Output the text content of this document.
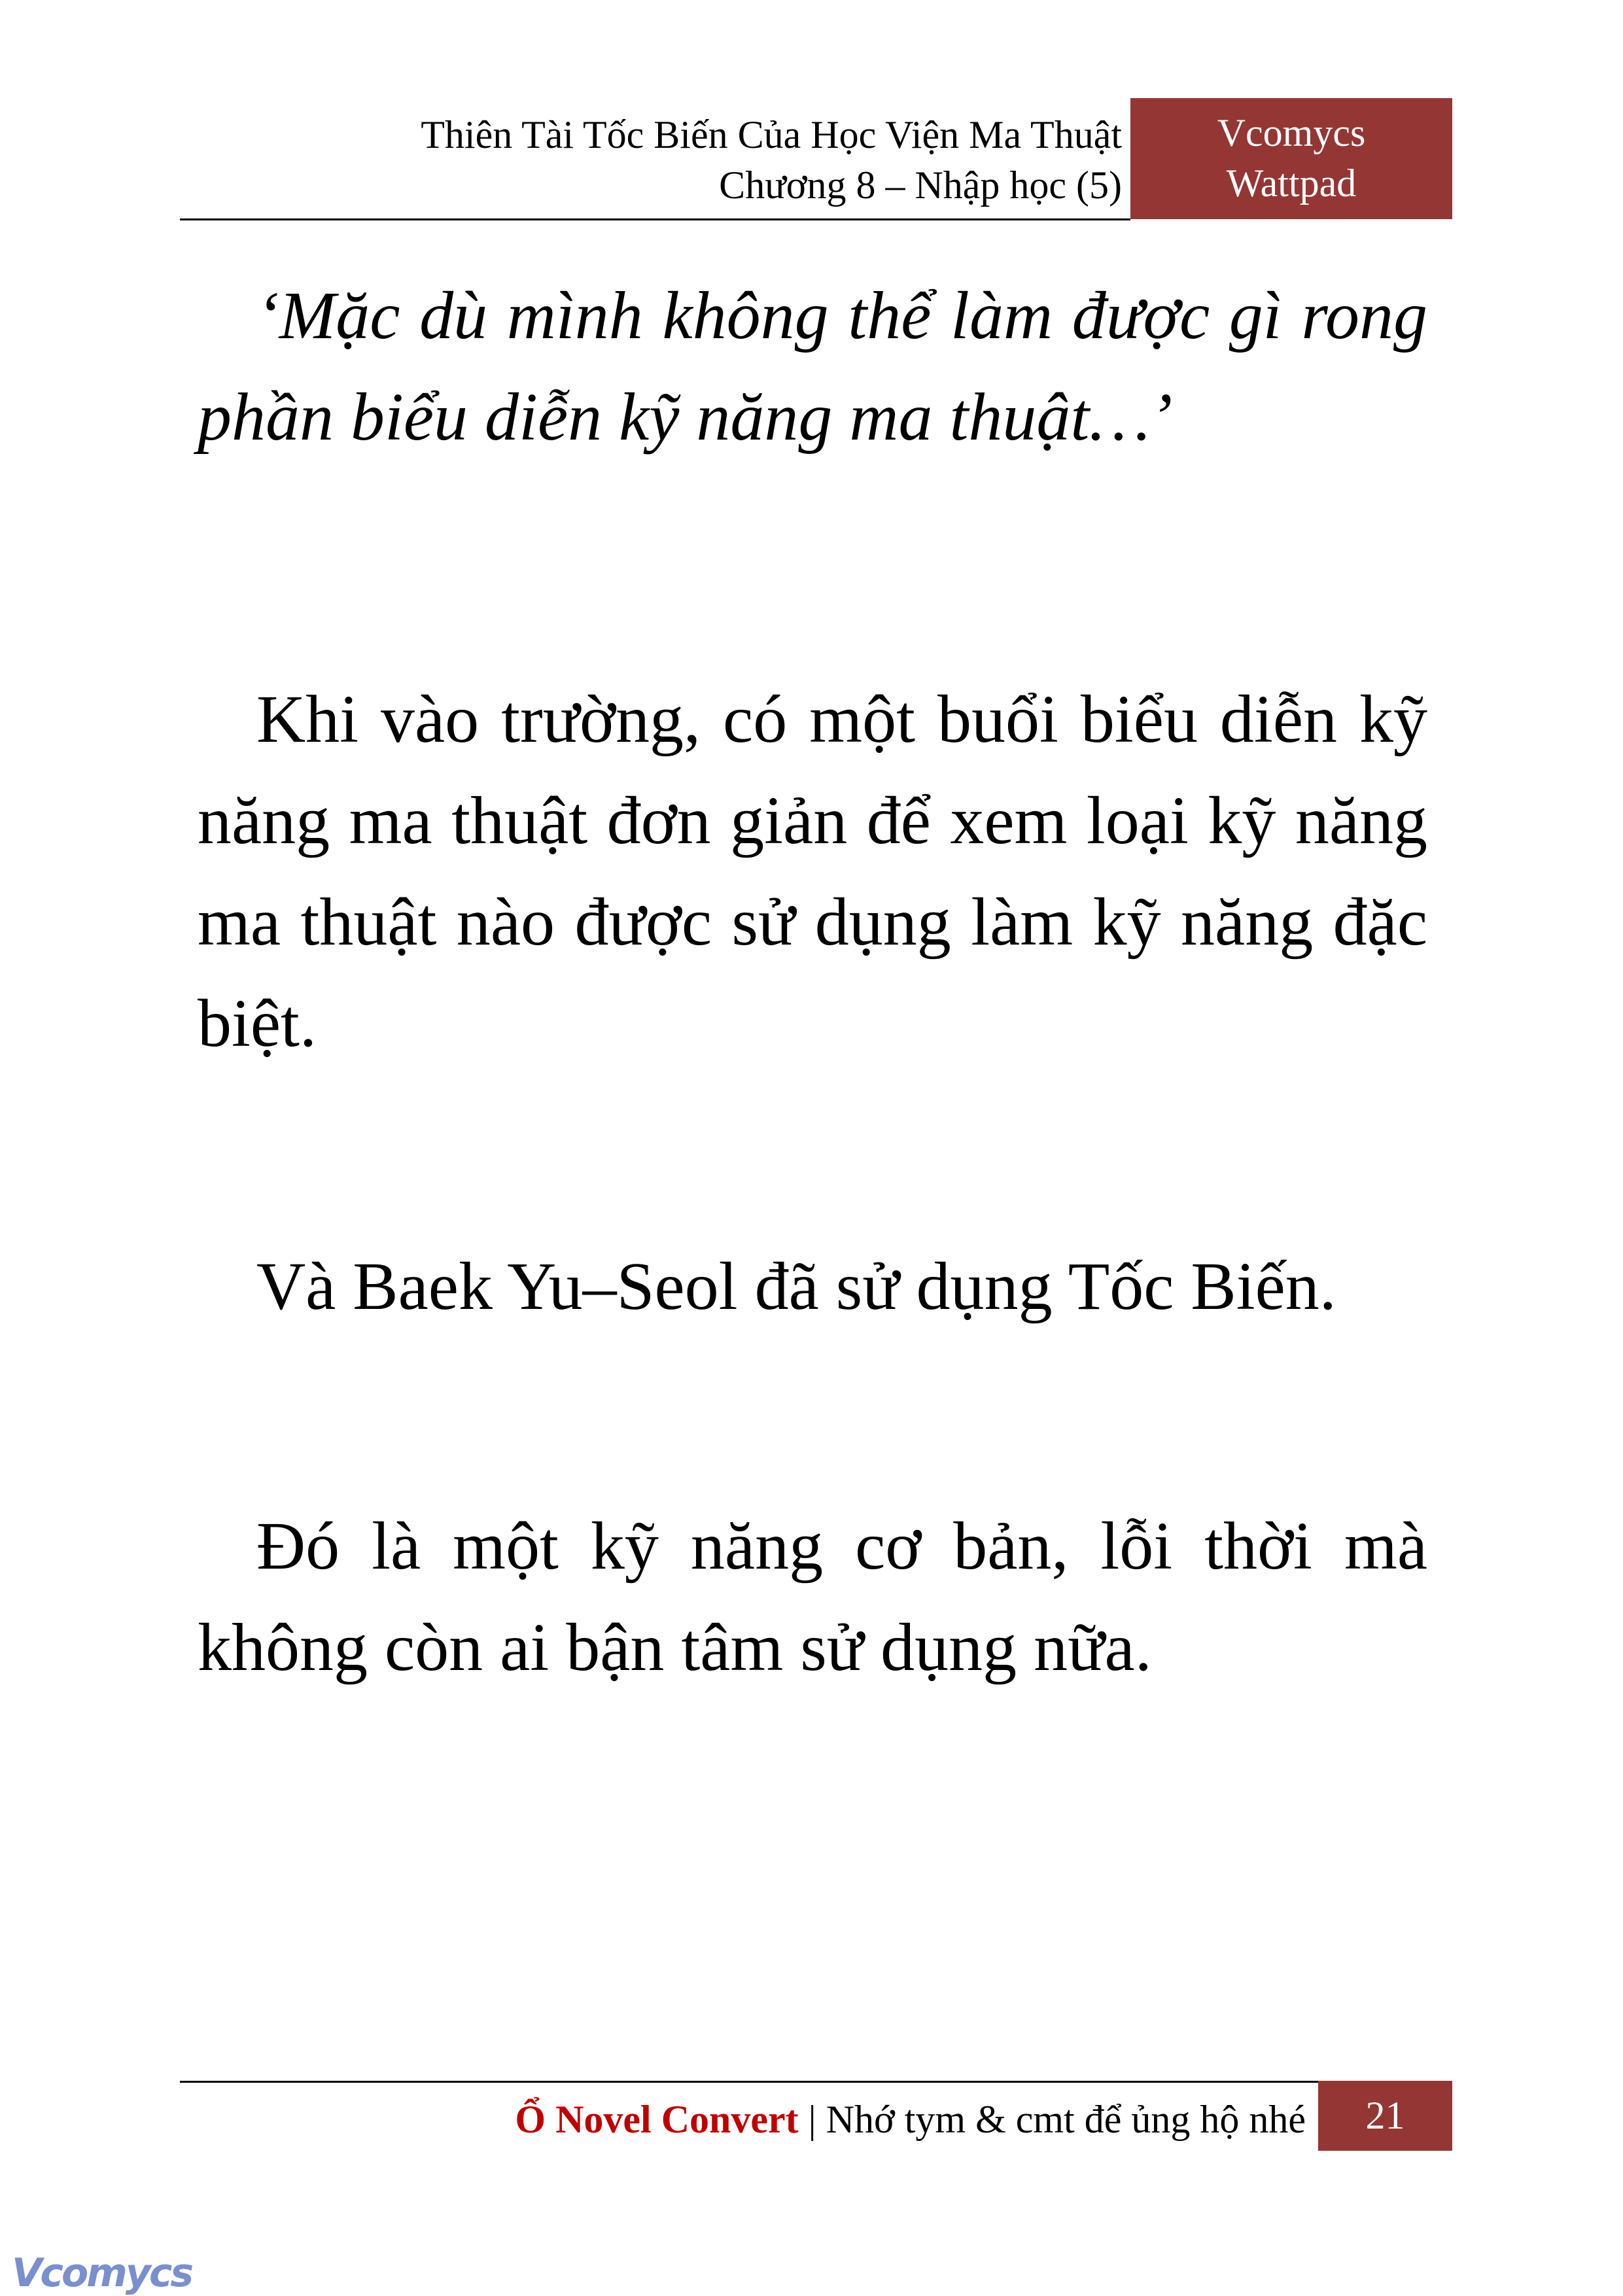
Thiên Tài Tốc Biến Của Học Viện Ma Thuật
Chương 8 – Nhập học (5)
Vcomycs
Wattpad

‘Mặc dù mình không thể làm được gì rong phần biểu diễn kỹ năng ma thuật…’

Khi vào trường, có một buổi biểu diễn kỹ năng ma thuật đơn giản để xem loại kỹ năng ma thuật nào được sử dụng làm kỹ năng đặc biệt.

Và Baek Yu–Seol đã sử dụng Tốc Biến.

Đó là một kỹ năng cơ bản, lỗi thời mà không còn ai bận tâm sử dụng nữa.

Ổ Novel Convert | Nhớ tym & cmt để ủng hộ nhé	21
Vcomycs
